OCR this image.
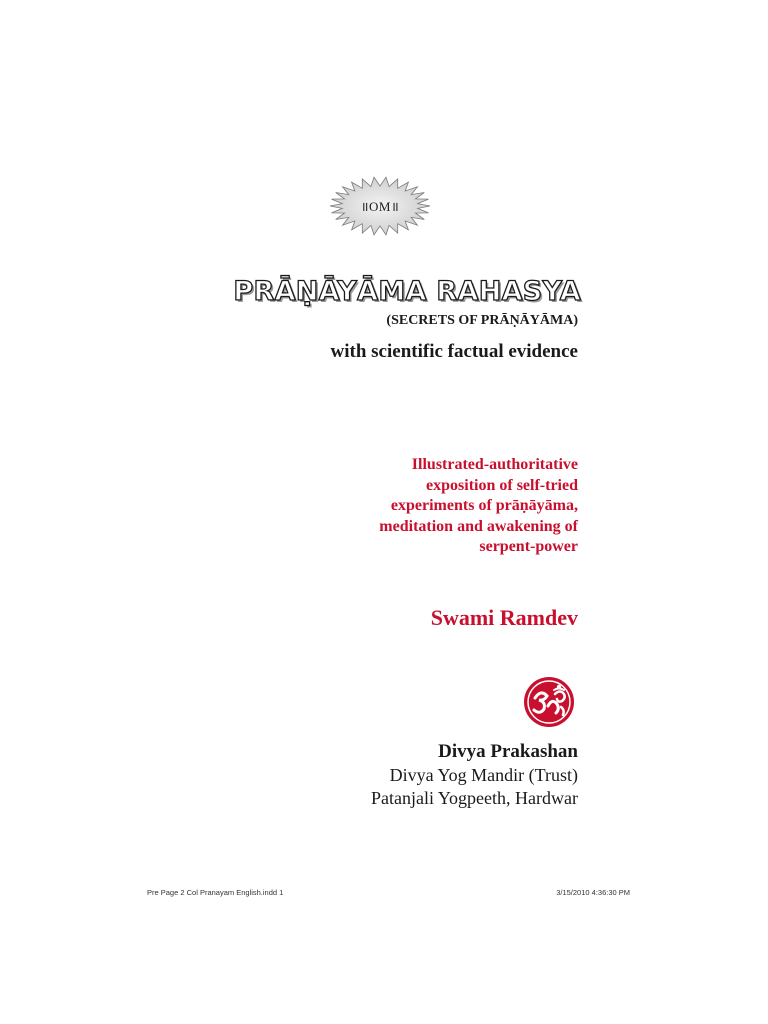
॥OM॥
PRĀṆĀYĀMA RAHASYA
(SECRETS OF PRĀṆĀYĀMA)
with scientific factual evidence
Illustrated-authoritative
exposition of self-tried
experiments of prāṇāyāma,
meditation and awakening of
serpent-power
Swami Ramdev
Divya Prakashan
Divya Yog Mandir (Trust)
Patanjali Yogpeeth, Hardwar
Pre Page 2 Col Pranayam English.indd 1	3/15/2010 4:36:30 PM
